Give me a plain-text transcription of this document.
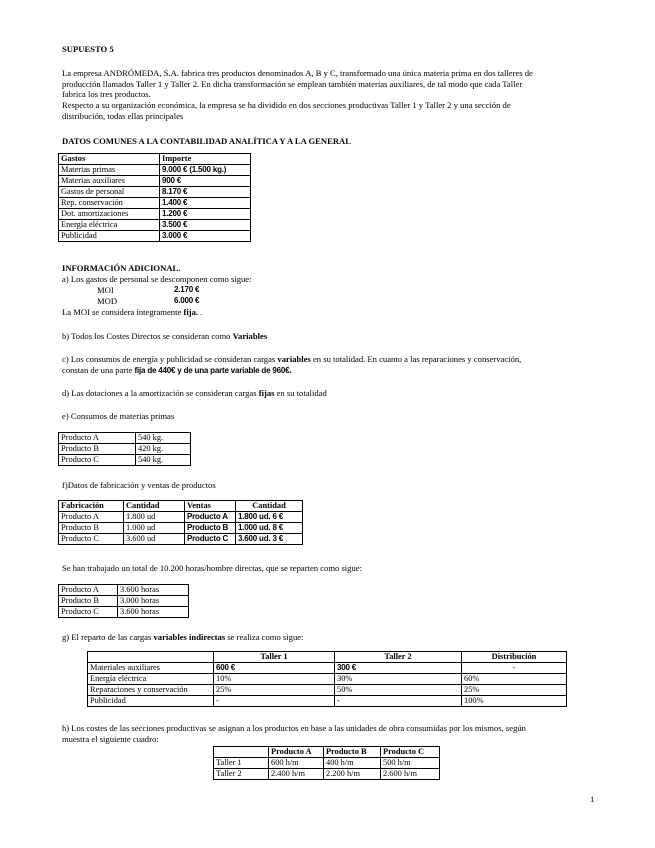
SUPUESTO 5

La empresa ANDRÓMEDA, S.A. fabrica tres productos denominados A, B y C, transformado una única materia prima en dos talleres de

producción llamados Taller 1 y Taller 2. En dicha transformación se emplean también materias auxiliares, de tal modo que cada Taller

fabrica los tres productos.

Respecto a su organización económica, la empresa se ha dividido en dos secciones productivas Taller 1 y Taller 2 y una sección de

distribución, todas ellas principales

DATOS COMUNES A LA CONTABILIDAD ANALÍTICA Y A LA GENERAL
Gastos	Importe
Materias primas	9.000 € (1.500 kg.)
Materias auxiliares	900 €
Gastos de personal	8.170 €
Rep. conservación	1.400 €
Dot. amortizaciones	1.200 €
Energía eléctrica	3.500 €
Publicidad	3.000 €
INFORMACIÓN ADICIONAL.
a) Los gastos de personal se descomponen como sigue:
MOI	2.170 €
MOD	6.000 €
La MOI se considera íntegramente fija. .
b) Todos los Costes Directos se consideran como Variables

c) Los consumos de energía y publicidad se consideran cargas variables en su totalidad. En cuanto a las reparaciones y conservación,

constan de una parte fija de 440€ y de una parte variable de 960€.

d) Las dotaciones a la amortización se consideran cargas fijas en su totalidad
e) Consumos de materias primas
Producto A	540 kg.
Producto B	420 kg.
Producto C	540 kg.
f)Datos de fabricación y ventas de productos
Fabricación	Cantidad	Ventas	Cantidad
Producto A	1.800 ud	Producto A	1.800 ud. 6 €
Producto B	1.000 ud	Producto B	1.000 ud. 8 €
Producto C	3.600 ud	Producto C	3.600 ud. 3 €
Se han trabajado un total de 10.200 horas/hombre directas, que se reparten como sigue:
Producto A	3.600 horas
Producto B	3.000 horas
Producto C	3.600 horas
g) El reparto de las cargas variables indirectas se realiza como sigue:
	Taller 1	Taller 2	Distribución
Materiales auxiliares	600 €	300 €	-
Energía eléctrica	10%	30%	60%
Reparaciones y conservación	25%	50%	25%
Publicidad	-	-	100%

h) Los costes de las secciones productivas se asignan a los productos en base a las unidades de obra consumidas por los mismos, según

muestra el siguiente cuadro:

	Producto A	Producto B	Producto C
Taller 1	600 h/m	400 h/m	500 h/m
Taller 2	2.400 h/m	2.200 h/m	2.600 h/m
1
